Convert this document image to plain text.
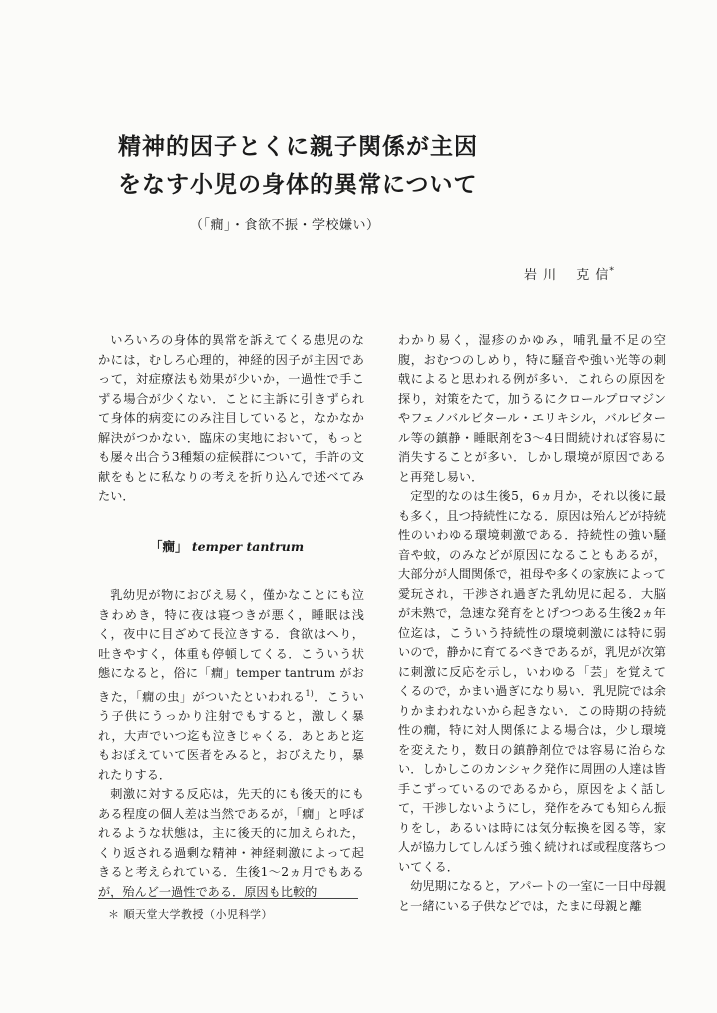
精神的因子とくに親子関係が主因
をなす小児の身体的異常について
（「癇」・食欲不振・学校嫌い）
岩 川　 克 信*

いろいろの身体的異常を訴えてくる患児のなかには，むしろ心理的，神経的因子が主因であって，対症療法も効果が少いか，一過性で手こずる場合が少くない．ことに主訴に引きずられて身体的病変にのみ注目していると，なかなか解決がつかない．臨床の実地において，もっとも屡々出合う3種類の症候群について，手許の文献をもとに私なりの考えを折り込んで述べてみたい．

「癇」 temper tantrum

乳幼児が物におびえ易く，僅かなことにも泣きわめき，特に夜は寝つきが悪く，睡眠は浅く，夜中に目ざめて長泣きする．食欲はへり，吐きやすく，体重も停頓してくる．こういう状態になると，俗に「癇」temper tantrum がおきた，「癇の虫」がついたといわれる$^{1)}$．こういう子供にうっかり注射でもすると，激しく暴れ，大声でいつ迄も泣きじゃくる．あとあと迄もおぼえていて医者をみると，おびえたり，暴れたりする．

刺激に対する反応は，先天的にも後天的にもある程度の個人差は当然であるが，「癇」と呼ばれるような状態は，主に後天的に加えられた，くり返される過剰な精神・神経刺激によって起きると考えられている．生後1〜2ヵ月でもあるが，殆んど一過性である．原因も比較的

わかり易く，湿疹のかゆみ，哺乳量不足の空腹，おむつのしめり，特に騒音や強い光等の刺戟によると思われる例が多い．これらの原因を探り，対策をたて，加うるにクロールプロマジンやフェノバルビタール・エリキシル，バルビタール等の鎮静・睡眠剤を3〜4日間続ければ容易に消失することが多い．しかし環境が原因であると再発し易い．

定型的なのは生後5，6ヵ月か，それ以後に最も多く，且つ持続性になる．原因は殆んどが持続性のいわゆる環境刺激である．持続性の強い騒音や蚊，のみなどが原因になることもあるが，大部分が人間関係で，祖母や多くの家族によって愛玩され，干渉され過ぎた乳幼児に起る．大脳が未熟で，急速な発育をとげつつある生後2ヵ年位迄は，こういう持続性の環境刺激には特に弱いので，静かに育てるべきであるが，乳児が次第に刺激に反応を示し，いわゆる「芸」を覚えてくるので，かまい過ぎになり易い．乳児院では余りかまわれないから起きない．この時期の持続性の癇，特に対人関係による場合は，少し環境を変えたり，数日の鎮静剤位では容易に治らない．しかしこのカンシャク発作に周囲の人達は皆手こずっているのであるから，原因をよく話して，干渉しないようにし，発作をみても知らん振りをし，あるいは時には気分転換を図る等，家人が協力してしんぼう強く続ければ或程度落ちついてくる．

幼児期になると，アパートの一室に一日中母親と一緒にいる子供などでは，たまに母親と離

＊ 順天堂大学教授（小児科学）
